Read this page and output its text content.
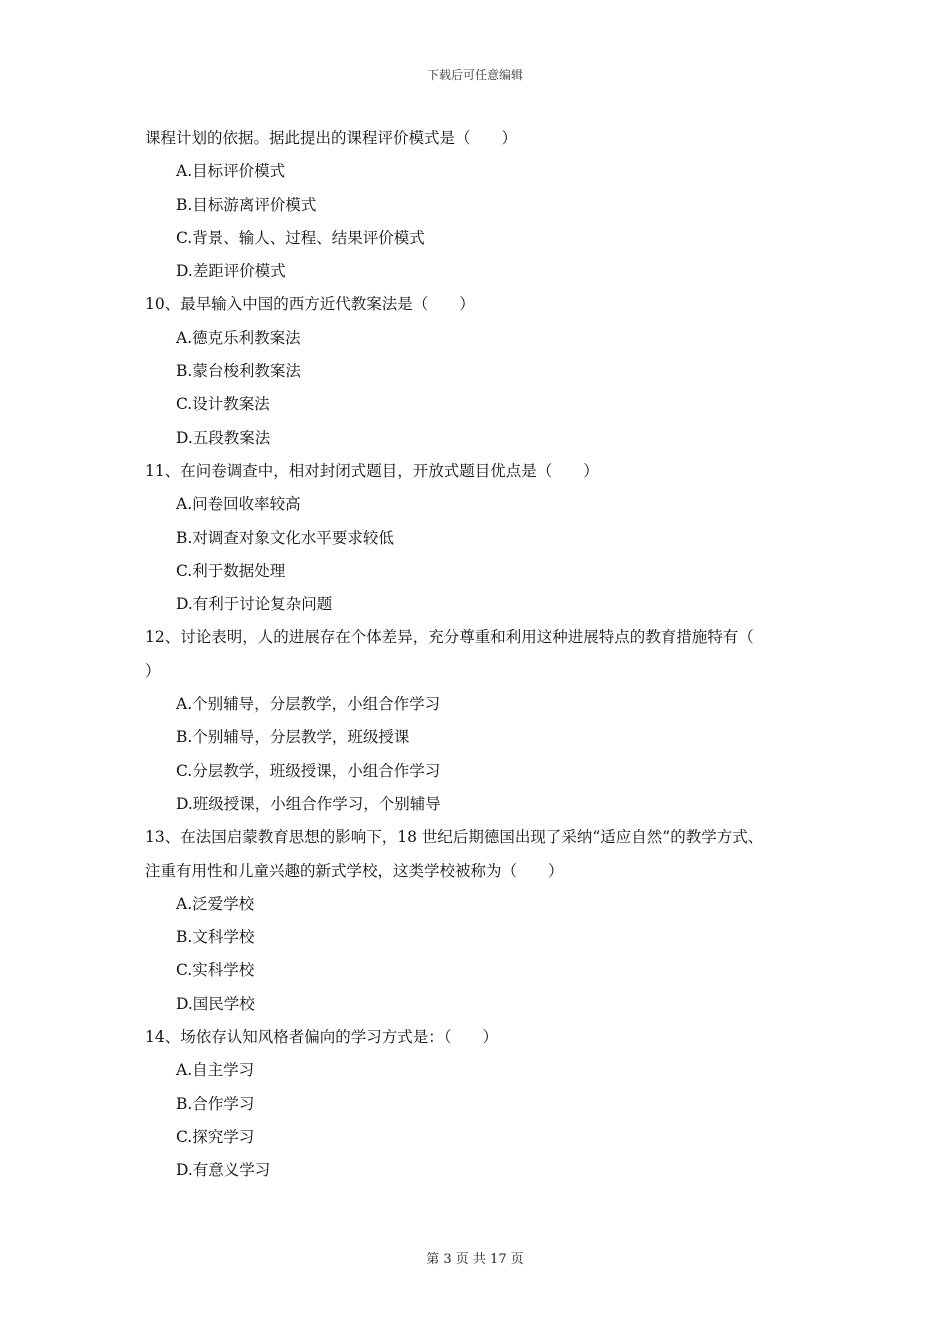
下载后可任意编辑
课程计划的依据。据此提出的课程评价模式是（　　）
A.目标评价模式
B.目标游离评价模式
C.背景、输人、过程、结果评价模式
D.差距评价模式
10、最早输入中国的西方近代教案法是（　　）
A.德克乐利教案法
B.蒙台梭利教案法
C.设计教案法
D.五段教案法
11、在问卷调查中，相对封闭式题目，开放式题目优点是（　　）
A.问卷回收率较高
B.对调查对象文化水平要求较低
C.利于数据处理
D.有利于讨论复杂问题
12、讨论表明，人的进展存在个体差异，充分尊重和利用这种进展特点的教育措施特有（
）
A.个别辅导，分层教学，小组合作学习
B.个别辅导，分层教学，班级授课
C.分层教学，班级授课，小组合作学习
D.班级授课，小组合作学习，个别辅导
13、在法国启蒙教育思想的影响下，18 世纪后期德国出现了采纳“适应自然”的教学方式、
注重有用性和儿童兴趣的新式学校，这类学校被称为（　　）
A.泛爱学校
B.文科学校
C.实科学校
D.国民学校
14、场依存认知风格者偏向的学习方式是：（　　）
A.自主学习
B.合作学习
C.探究学习
D.有意义学习
第 3 页 共 17 页
